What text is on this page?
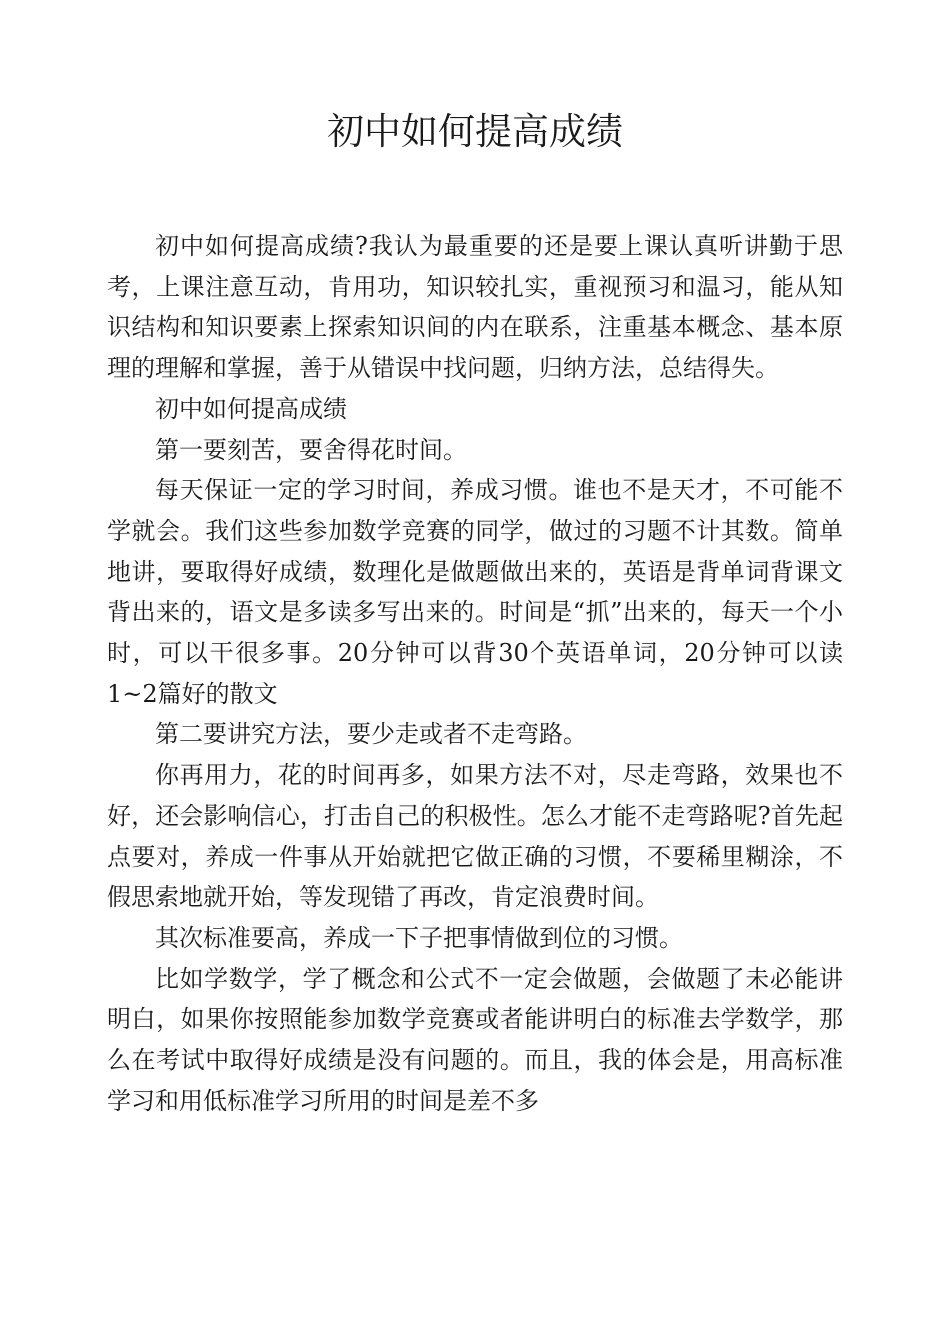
初中如何提高成绩

初中如何提高成绩?我认为最重要的还是要上课认真听讲勤于思考，上课注意互动，肯用功，知识较扎实，重视预习和温习，能从知识结构和知识要素上探索知识间的内在联系，注重基本概念、基本原理的理解和掌握，善于从错误中找问题，归纳方法，总结得失。

初中如何提高成绩

第一要刻苦，要舍得花时间。

每天保证一定的学习时间，养成习惯。谁也不是天才，不可能不学就会。我们这些参加数学竞赛的同学，做过的习题不计其数。简单地讲，要取得好成绩，数理化是做题做出来的，英语是背单词背课文背出来的，语文是多读多写出来的。时间是“抓”出来的，每天一个小时，可以干很多事。20分钟可以背30个英语单词，20分钟可以读1~2篇好的散文

第二要讲究方法，要少走或者不走弯路。

你再用力，花的时间再多，如果方法不对，尽走弯路，效果也不好，还会影响信心，打击自己的积极性。怎么才能不走弯路呢?首先起点要对，养成一件事从开始就把它做正确的习惯，不要稀里糊涂，不假思索地就开始，等发现错了再改，肯定浪费时间。

其次标准要高，养成一下子把事情做到位的习惯。

比如学数学，学了概念和公式不一定会做题，会做题了未必能讲明白，如果你按照能参加数学竞赛或者能讲明白的标准去学数学，那么在考试中取得好成绩是没有问题的。而且，我的体会是，用高标准学习和用低标准学习所用的时间是差不多
